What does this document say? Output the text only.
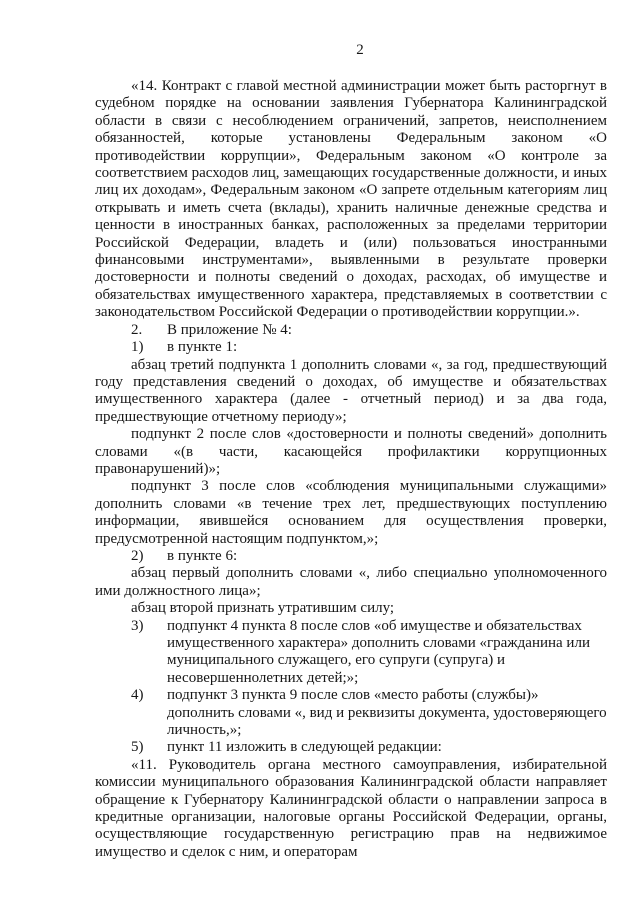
2

«14. Контракт с главой местной администрации может быть расторгнут в судебном порядке на основании заявления Губернатора Калининградской области в связи с несоблюдением ограничений, запретов, неисполнением обязанностей, которые установлены Федеральным законом «О противодействии коррупции», Федеральным законом «О контроле за соответствием расходов лиц, замещающих государственные должности, и иных лиц их доходам», Федеральным законом «О запрете отдельным категориям лиц открывать и иметь счета (вклады), хранить наличные денежные средства и ценности в иностранных банках, расположенных за пределами территории Российской Федерации, владеть и (или) пользоваться иностранными финансовыми инструментами», выявленными в результате проверки достоверности и полноты сведений о доходах, расходах, об имуществе и обязательствах имущественного характера, представляемых в соответствии с законодательством Российской Федерации о противодействии коррупции.».

2.	В приложение № 4:
1)	в пункте 1:

абзац третий подпункта 1 дополнить словами «, за год, предшествующий году представления сведений о доходах, об имуществе и обязательствах имущественного характера (далее - отчетный период) и за два года, предшествующие отчетному периоду»;

подпункт 2 после слов «достоверности и полноты сведений» дополнить словами «(в части, касающейся профилактики коррупционных правонарушений)»;

подпункт 3 после слов «соблюдения муниципальными служащими» дополнить словами «в течение трех лет, предшествующих поступлению информации, явившейся основанием для осуществления проверки, предусмотренной настоящим подпунктом,»;

2)	в пункте 6:

абзац первый дополнить словами «, либо специально уполномоченного ими должностного лица»;

абзац второй признать утратившим силу;

3)	подпункт 4 пункта 8 после слов «об имуществе и обязательствах имущественного характера» дополнить словами «гражданина или муниципального служащего, его супруги (супруга) и несовершеннолетних детей;»;
4)	подпункт 3 пункта 9 после слов «место работы (службы)» дополнить словами «, вид и реквизиты документа, удостоверяющего личность,»;
5)	пункт 11 изложить в следующей редакции:

«11. Руководитель органа местного самоуправления, избирательной комиссии муниципального образования Калининградской области направляет обращение к Губернатору Калининградской области о направлении запроса в кредитные организации, налоговые органы Российской Федерации, органы, осуществляющие государственную регистрацию прав на недвижимое имущество и сделок с ним, и операторам
